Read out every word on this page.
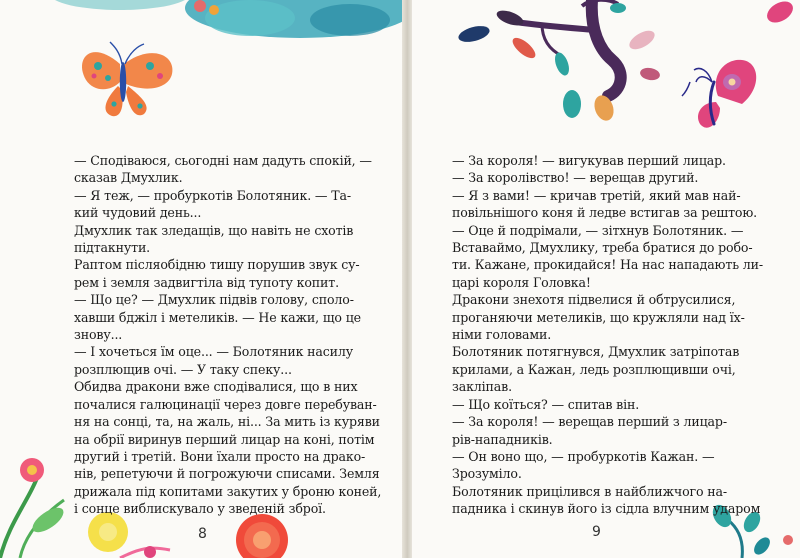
— Сподіваюся, сьогодні нам дадуть спокій, —
сказав Дмухлик.
— Я теж, — пробуркотів Болотяник. — Та-
кий чудовий день...
Дмухлик так зледащів, що навіть не схотів
підтакнути.
Раптом післяобідню тишу порушив звук су-
рем і земля задвигтіла від тупоту копит.
— Що це? — Дмухлик підвів голову, споло-
хавши бджіл і метеликів. — Не кажи, що це
знову...
— І хочеться їм оце... — Болотяник насилу
розплющив очі. — У таку спеку...
Обидва дракони вже сподівалися, що в них
почалися галюцинації через довге перебуван-
ня на сонці, та, на жаль, ні... За мить із куряви
на обрії виринув перший лицар на коні, потім
другий і третій. Вони їхали просто на драко-
нів, репетуючи й погрожуючи списами. Земля
дрижала під копитами закутих у броню коней,
і сонце виблискувало у зведеній зброї.
8
— За короля! — вигукував перший лицар.
— За королівство! — верещав другий.
— Я з вами! — кричав третій, який мав най-
повільнішого коня й ледве встигав за рештою.
— Оце й подрімали, — зітхнув Болотяник. —
Вставаймо, Дмухлику, треба братися до робо-
ти. Кажане, прокидайся! На нас нападають ли-
царі короля Головка!
Дракони знехотя підвелися й обтрусилися,
проганяючи метеликів, що кружляли над їх-
німи головами.
Болотяник потягнувся, Дмухлик затріпотав
крилами, а Кажан, ледь розплющивши очі,
закліпав.
— Що коїться? — спитав він.
— За короля! — верещав перший з лицар-
рів-нападників.
— Он воно що, — пробуркотів Кажан. —
Зрозуміло.
Болотяник прицілився в найближчого на-
падника і скинув його із сідла влучним ударом
9
